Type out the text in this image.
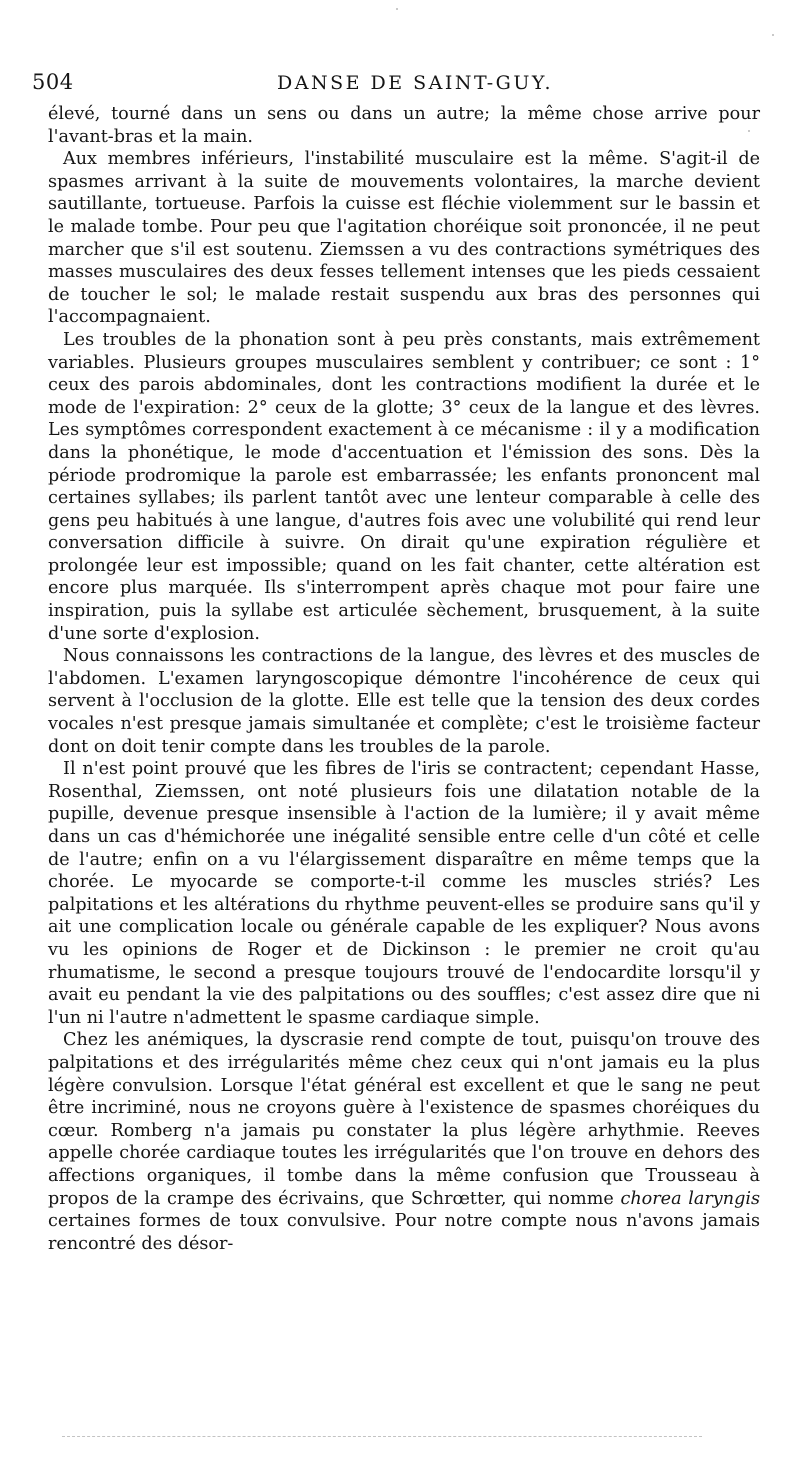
504	DANSE DE SAINT-GUY.

élevé, tourné dans un sens ou dans un autre; la même chose arrive pour l'avant-bras et la main.

Aux membres inférieurs, l'instabilité musculaire est la même. S'agit-il de spasmes arrivant à la suite de mouvements volontaires, la marche devient sautillante, tortueuse. Parfois la cuisse est fléchie violemment sur le bassin et le malade tombe. Pour peu que l'agitation choréique soit prononcée, il ne peut marcher que s'il est soutenu. Ziemssen a vu des contractions symétriques des masses musculaires des deux fesses tellement intenses que les pieds cessaient de toucher le sol; le malade restait suspendu aux bras des personnes qui l'accompagnaient.

Les troubles de la phonation sont à peu près constants, mais extrêmement variables. Plusieurs groupes musculaires semblent y contribuer; ce sont : 1° ceux des parois abdominales, dont les contractions modifient la durée et le mode de l'expiration: 2° ceux de la glotte; 3° ceux de la langue et des lèvres. Les symptômes correspondent exactement à ce mécanisme : il y a modification dans la phonétique, le mode d'accentuation et l'émission des sons. Dès la période prodromique la parole est embarrassée; les enfants prononcent mal certaines syllabes; ils parlent tantôt avec une lenteur comparable à celle des gens peu habitués à une langue, d'autres fois avec une volubilité qui rend leur conversation difficile à suivre. On dirait qu'une expiration régulière et prolongée leur est impossible; quand on les fait chanter, cette altération est encore plus marquée. Ils s'interrompent après chaque mot pour faire une inspiration, puis la syllabe est articulée sèchement, brusquement, à la suite d'une sorte d'explosion.

Nous connaissons les contractions de la langue, des lèvres et des muscles de l'abdomen. L'examen laryngoscopique démontre l'incohérence de ceux qui servent à l'occlusion de la glotte. Elle est telle que la tension des deux cordes vocales n'est presque jamais simultanée et complète; c'est le troisième facteur dont on doit tenir compte dans les troubles de la parole.

Il n'est point prouvé que les fibres de l'iris se contractent; cependant Hasse, Rosenthal, Ziemssen, ont noté plusieurs fois une dilatation notable de la pupille, devenue presque insensible à l'action de la lumière; il y avait même dans un cas d'hémichorée une inégalité sensible entre celle d'un côté et celle de l'autre; enfin on a vu l'élargissement disparaître en même temps que la chorée. Le myocarde se comporte-t-il comme les muscles striés? Les palpitations et les altérations du rhythme peuvent-elles se produire sans qu'il y ait une complication locale ou générale capable de les expliquer? Nous avons vu les opinions de Roger et de Dickinson : le premier ne croit qu'au rhumatisme, le second a presque toujours trouvé de l'endocardite lorsqu'il y avait eu pendant la vie des palpitations ou des souffles; c'est assez dire que ni l'un ni l'autre n'admettent le spasme cardiaque simple.

Chez les anémiques, la dyscrasie rend compte de tout, puisqu'on trouve des palpitations et des irrégularités même chez ceux qui n'ont jamais eu la plus légère convulsion. Lorsque l'état général est excellent et que le sang ne peut être incriminé, nous ne croyons guère à l'existence de spasmes choréiques du cœur. Romberg n'a jamais pu constater la plus légère arhythmie. Reeves appelle chorée cardiaque toutes les irrégularités que l'on trouve en dehors des affections organiques, il tombe dans la même confusion que Trousseau à propos de la crampe des écrivains, que Schrœtter, qui nomme chorea laryngis certaines formes de toux convulsive. Pour notre compte nous n'avons jamais rencontré des désor-
